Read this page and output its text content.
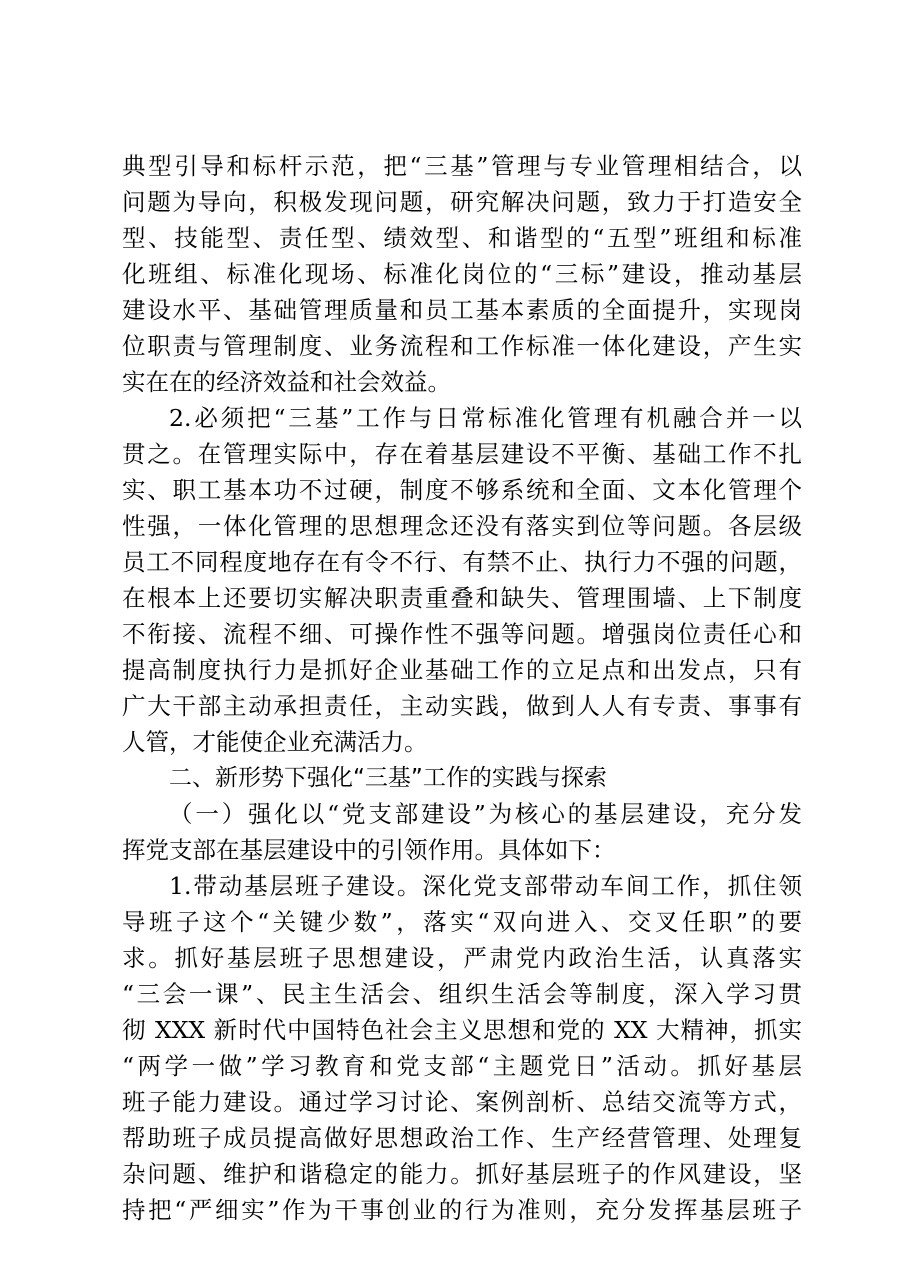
典型引导和标杆示范，把“三基”管理与专业管理相结合，以
问题为导向，积极发现问题，研究解决问题，致力于打造安全
型、技能型、责任型、绩效型、和谐型的“五型”班组和标准
化班组、标准化现场、标准化岗位的“三标”建设，推动基层
建设水平、基础管理质量和员工基本素质的全面提升，实现岗
位职责与管理制度、业务流程和工作标准一体化建设，产生实
实在在的经济效益和社会效益。
2.必须把“三基”工作与日常标准化管理有机融合并一以
贯之。在管理实际中，存在着基层建设不平衡、基础工作不扎
实、职工基本功不过硬，制度不够系统和全面、文本化管理个
性强，一体化管理的思想理念还没有落实到位等问题。各层级
员工不同程度地存在有令不行、有禁不止、执行力不强的问题，
在根本上还要切实解决职责重叠和缺失、管理围墙、上下制度
不衔接、流程不细、可操作性不强等问题。增强岗位责任心和
提高制度执行力是抓好企业基础工作的立足点和出发点，只有
广大干部主动承担责任，主动实践，做到人人有专责、事事有
人管，才能使企业充满活力。
二、新形势下强化“三基”工作的实践与探索
（一）强化以“党支部建设”为核心的基层建设，充分发
挥党支部在基层建设中的引领作用。具体如下：
1.带动基层班子建设。深化党支部带动车间工作，抓住领
导班子这个“关键少数”，落实“双向进入、交叉任职”的要
求。抓好基层班子思想建设，严肃党内政治生活，认真落实
“三会一课”、民主生活会、组织生活会等制度，深入学习贯
彻 XXX 新时代中国特色社会主义思想和党的 XX 大精神，抓实
“两学一做”学习教育和党支部“主题党日”活动。抓好基层
班子能力建设。通过学习讨论、案例剖析、总结交流等方式，
帮助班子成员提高做好思想政治工作、生产经营管理、处理复
杂问题、维护和谐稳定的能力。抓好基层班子的作风建设，坚
持把“严细实”作为干事创业的行为准则，充分发挥基层班子
